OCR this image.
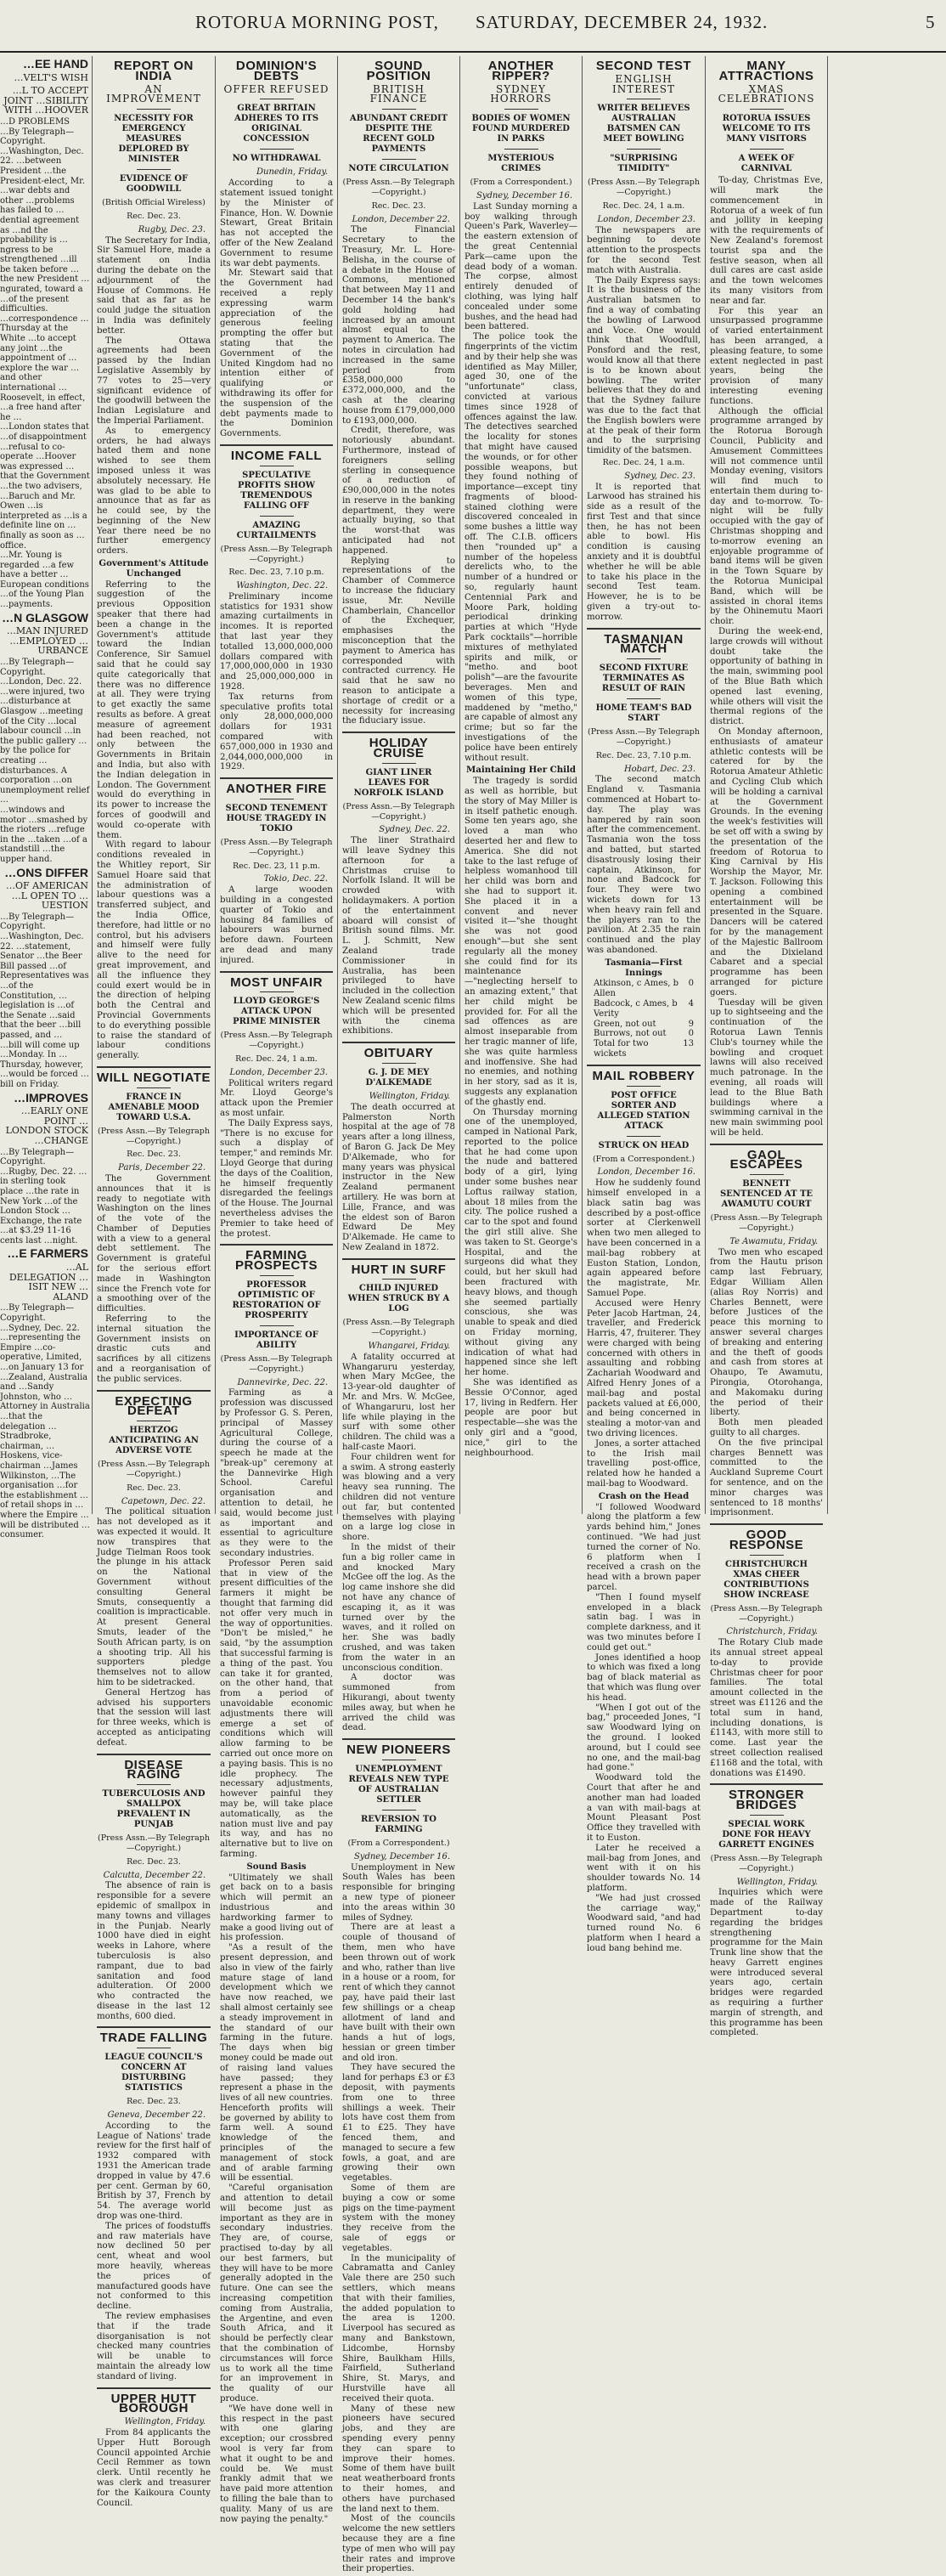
ROTORUA MORNING POST, SATURDAY, DECEMBER 24, 1932.	5
…EE HAND
…VELT'S WISH
…L TO ACCEPT JOINT …SIBILITY WITH …HOOVER

…D PROBLEMS

…By Telegraph—Copyright.

…Washington, Dec. 22. …between President …the President-elect, Mr. …war debts and other …problems has failed to …dential agreement as …nd the probability is …ngress to be strengthened …ill be taken before …the new President …ngurated, toward a …of the present difficulties.

…correspondence …Thursday at the White …to accept any joint …the appointment of …explore the war …and other international …Roosevelt, in effect, …a free hand after he …

…London states that …of disappointment …refusal to co-operate …Hoover was expressed …that the Government …the two advisers, …Baruch and Mr. Owen …is interpreted as …is a definite line on …finally as soon as …office.

…Mr. Young is regarded …a few have a better …European conditions …of the Young Plan …payments.

…N GLASGOW
…MAN INJURED …EMPLOYED …URBANCE

…By Telegraph—Copyright.

…London, Dec. 22. …were injured, two …disturbance at Glasgow …meeting of the City …local labour council …in the public gallery …by the police for creating …disturbances. A corporation …on unemployment relief …

…windows and motor …smashed by the rioters …refuge in the …taken …of a standstill …the upper hand.

…ONS DIFFER
…OF AMERICAN …L OPEN TO …UESTION

…By Telegraph—Copyright.

…Washington, Dec. 22. …statement, Senator …the Beer Bill passed …of Representatives was …of the Constitution, …legislation is …of the Senate …said that the beer …bill passed, and …

…bill will come up …Monday. In …Thursday, however, …would be forced …bill on Friday.

…IMPROVES
…EARLY ONE POINT …LONDON STOCK …CHANGE

…By Telegraph—Copyright.

…Rugby, Dec. 22. …in sterling took place …the rate in New York …of the London Stock …Exchange, the rate …at $3.29 11-16 cents last …night.

…E FARMERS
…AL DELEGATION …ISIT NEW …ALAND

…By Telegraph—Copyright.

…Sydney, Dec. 22. …representing the Empire …co-operative, Limited, …on January 13 for …Zealand, Australia and …Sandy Johnston, who …Attorney in Australia …that the delegation …Stradbroke, chairman, …Hoskens, vice-chairman …James Wilkinston, …The organisation …for the establishment …of retail shops in …where the Empire …will be distributed …consumer.

REPORT ON INDIA
AN IMPROVEMENT
NECESSITY FOR EMERGENCY MEASURES DEPLORED BY MINISTER
EVIDENCE OF GOODWILL
(British Official Wireless)
Rec. Dec. 23.
Rugby, Dec. 23.

The Secretary for India, Sir Samuel Hore, made a statement on India during the debate on the adjournment of the House of Commons. He said that as far as he could judge the situation in India was definitely better.

The Ottawa agreements had been passed by the Indian Legislative Assembly by 77 votes to 25—very significant evidence of the goodwill between the Indian Legislature and the Imperial Parliament.

As to emergency orders, he had always hated them and none wished to see them imposed unless it was absolutely necessary. He was glad to be able to announce that as far as he could see, by the beginning of the New Year there need be no further emergency orders.

Government's Attitude Unchanged

Referring to the suggestion of the previous Opposition speaker that there had been a change in the Government's attitude toward the Indian Conference, Sir Samuel said that he could say quite categorically that there was no difference at all. They were trying to get exactly the same results as before. A great measure of agreement had been reached, not only between the Governments in Britain and India, but also with the Indian delegation in London. The Government would do everything in its power to increase the forces of goodwill and would co-operate with them.

With regard to labour conditions revealed in the Whitley report, Sir Samuel Hoare said that the administration of labour questions was a transferred subject, and the India Office, therefore, had little or no control, but his advisers and himself were fully alive to the need for great improvement, and all the influence they could exert would be in the direction of helping both the Central and Provincial Governments to do everything possible to raise the standard of labour conditions generally.

WILL NEGOTIATE
FRANCE IN AMENABLE MOOD TOWARD U.S.A.
(Press Assn.—By Telegraph—Copyright.)
Rec. Dec. 23.
Paris, December 22.

The Government announces that it is ready to negotiate with Washington on the lines of the vote of the Chamber of Deputies with a view to a general debt settlement. The Government is grateful for the serious effort made in Washington since the French vote for a smoothing over of the difficulties.

Referring to the internal situation the Government insists on drastic cuts and sacrifices by all citizens and a reorganisation of the public services.

EXPECTING DEFEAT
HERTZOG ANTICIPATING AN ADVERSE VOTE
(Press Assn.—By Telegraph—Copyright.)
Rec. Dec. 23.
Capetown, Dec. 22.

The political situation has not developed as it was expected it would. It now transpires that Judge Tielman Roos took the plunge in his attack on the National Government without consulting General Smuts, consequently a coalition is impracticable. At present General Smuts, leader of the South African party, is on a shooting trip. All his supporters pledge themselves not to allow him to be sidetracked.

General Hertzog has advised his supporters that the session will last for three weeks, which is accepted as anticipating defeat.

DISEASE RAGING
TUBERCULOSIS AND SMALLPOX PREVALENT IN PUNJAB
(Press Assn.—By Telegraph—Copyright.)
Rec. Dec. 23.
Calcutta, December 22.

The absence of rain is responsible for a severe epidemic of smallpox in many towns and villages in the Punjab. Nearly 1000 have died in eight weeks in Lahore, where tuberculosis is also rampant, due to bad sanitation and food adulteration. Of 2000 who contracted the disease in the last 12 months, 600 died.

TRADE FALLING
LEAGUE COUNCIL'S CONCERN AT DISTURBING STATISTICS
Rec. Dec. 23.
Geneva, December 22.

According to the League of Nations' trade review for the first half of 1932 compared with 1931 the American trade dropped in value by 47.6 per cent. German by 60, British by 37, French by 54. The average world drop was one-third.

The prices of foodstuffs and raw materials have now declined 50 per cent, wheat and wool more heavily, whereas the prices of manufactured goods have not conformed to this decline.

The review emphasises that if the trade disorganisation is not checked many countries will be unable to maintain the already low standard of living.

UPPER HUTT BOROUGH
Wellington, Friday.

From 84 applicants the Upper Hutt Borough Council appointed Archie Cecil Remmer as town clerk. Until recently he was clerk and treasurer for the Kaikoura County Council.

DOMINION'S DEBTS
OFFER REFUSED
GREAT BRITAIN ADHERES TO ITS ORIGINAL CONCESSION
NO WITHDRAWAL
Dunedin, Friday.

According to a statement issued tonight by the Minister of Finance, Hon. W. Downie Stewart, Great Britain has not accepted the offer of the New Zealand Government to resume its war debt payments.

Mr. Stewart said that the Government had received a reply expressing warm appreciation of the generous feeling prompting the offer but stating that the Government of the United Kingdom had no intention either of qualifying or withdrawing its offer for the suspension of the debt payments made to the Dominion Governments.

INCOME FALL
SPECULATIVE PROFITS SHOW TREMENDOUS FALLING OFF
AMAZING CURTAILMENTS
(Press Assn.—By Telegraph—Copyright.)
Rec. Dec. 23, 7.10 p.m.
Washington, Dec. 22.

Preliminary income statistics for 1931 show amazing curtailments in incomes. It is reported that last year they totalled 13,000,000,000 dollars compared with 17,000,000,000 in 1930 and 25,000,000,000 in 1928.

Tax returns from speculative profits total only 28,000,000,000 dollars for 1931 compared with 657,000,000 in 1930 and 2,044,000,000,000 in 1929.

ANOTHER FIRE
SECOND TENEMENT HOUSE TRAGEDY IN TOKIO
(Press Assn.—By Telegraph—Copyright.)
Rec. Dec. 23, 11 p.m.
Tokio, Dec. 22.

A large wooden building in a congested quarter of Tokio and housing 84 families of labourers was burned before dawn. Fourteen are dead and many injured.

MOST UNFAIR
LLOYD GEORGE'S ATTACK UPON PRIME MINISTER
(Press Assn.—By Telegraph—Copyright.)
Rec. Dec. 24, 1 a.m.
London, December 23.

Political writers regard Mr. Lloyd George's attack upon the Premier as most unfair.

The Daily Express says, "There is no excuse for such a display of temper," and reminds Mr. Lloyd George that during the days of the Coalition, he himself frequently disregarded the feelings of the House. The Journal nevertheless advises the Premier to take heed of the protest.

FARMING PROSPECTS
PROFESSOR OPTIMISTIC OF RESTORATION OF PROSPERITY
IMPORTANCE OF ABILITY
(Press Assn.—By Telegraph—Copyright.)
Dannevirke, Dec. 22.

Farming as a profession was discussed by Professor G. S. Peren, principal of Massey Agricultural College, during the course of a speech he made at the "break-up" ceremony at the Dannevirke High School. Careful organisation and attention to detail, he said, would become just as important and essential to agriculture as they were to the secondary industries.

Professor Peren said that in view of the present difficulties of the farmers it might be thought that farming did not offer very much in the way of opportunities. "Don't be misled," he said, "by the assumption that successful farming is a thing of the past. You can take it for granted, on the other hand, that from a period of unavoidable economic adjustments there will emerge a set of conditions which will allow farming to be carried out once more on a paying basis. This is no idle prophecy. The necessary adjustments, however painful they may be, will take place automatically, as the nation must live and pay its way, and has no alternative but to live on farming.

Sound Basis

"Ultimately we shall get back on to a basis which will permit an industrious and hardworking farmer to make a good living out of his profession.

"As a result of the present depression, and also in view of the fairly mature stage of land development which we have now reached, we shall almost certainly see a steady improvement in the standard of our farming in the future. The days when big money could be made out of raising land values have passed; they represent a phase in the lives of all new countries. Henceforth profits will be governed by ability to farm well. A sound knowledge of the principles of the management of stock and of arable farming will be essential.

"Careful organisation and attention to detail will become just as important as they are in secondary industries. They are, of course, practised to-day by all our best farmers, but they will have to be more generally adopted in the future. One can see the increasing competition coming from Australia, the Argentine, and even South Africa, and it should be perfectly clear that the combination of circumstances will force us to work all the time for an improvement in the quality of our produce.

"We have done well in this respect in the past with one glaring exception; our crossbred wool is very far from what it ought to be and could be. We must frankly admit that we have paid more attention to filling the bale than to quality. Many of us are now paying the penalty."

SOUND POSITION
BRITISH FINANCE
ABUNDANT CREDIT DESPITE THE RECENT GOLD PAYMENTS
NOTE CIRCULATION
(Press Assn.—By Telegraph—Copyright.)
Rec. Dec. 23.
London, December 22.

The Financial Secretary to the Treasury, Mr. L. Hore-Belisha, in the course of a debate in the House of Commons, mentioned that between May 11 and December 14 the bank's gold holding had increased by an amount almost equal to the payment to America. The notes in circulation had increased in the same period from £358,000,000 to £372,000,000, and the cash at the clearing house from £179,000,000 to £193,000,000.

Credit, therefore, was notoriously abundant. Furthermore, instead of foreigners selling sterling in consequence of a reduction of £90,000,000 in the notes in reserve in the banking department, they were actually buying, so that the worst-that was anticipated had not happened.

Replying to representations of the Chamber of Commerce to increase the fiduciary issue, Mr. Neville Chamberlain, Chancellor of the Exchequer, emphasises the misconception that the payment to America has corresponded with contracted currency. He said that he saw no reason to anticipate a shortage of credit or a necessity for increasing the fiduciary issue.

HOLIDAY CRUISE
GIANT LINER LEAVES FOR NORFOLK ISLAND
(Press Assn.—By Telegraph—Copyright.)
Sydney, Dec. 22.

The liner Strathaird will leave Sydney this afternoon for a Christmas cruise to Norfolk Island. It will be crowded with holidaymakers. A portion of the entertainment aboard will consist of British sound films. Mr. L. J. Schmitt, New Zealand trade Commissioner in Australia, has been privileged to have included in the collection New Zealand scenic films which will be presented with the cinema exhibitions.

OBITUARY
G. J. DE MEY D'ALKEMADE
Wellington, Friday.

The death occurred at Palmerston North hospital at the age of 78 years after a long illness, of Baron G. Jack De Mey D'Alkemade, who for many years was physical instructor in the New Zealand permanent artillery. He was born at Lille, France, and was the eldest son of Baron Edward De Mey D'Alkemade. He came to New Zealand in 1872.

HURT IN SURF
CHILD INJURED WHEN STRUCK BY A LOG
(Press Assn.—By Telegraph—Copyright.)
Whangarei, Friday.

A fatality occurred at Whangaruru yesterday, when Mary McGee, the 13-year-old daughter of Mr. and Mrs. W. McGee, of Whangaruru, lost her life while playing in the surf with some other children. The child was a half-caste Maori.

Four children went for a swim. A strong easterly was blowing and a very heavy sea running. The children did not venture out far, but contented themselves with playing on a large log close in shore.

In the midst of their fun a big roller came in and knocked Mary McGee off the log. As the log came inshore she did not have any chance of escaping it, as it was turned over by the waves, and it rolled on her. She was badly crushed, and was taken from the water in an unconscious condition.

A doctor was summoned from Hikurangi, about twenty miles away, but when he arrived the child was dead.

NEW PIONEERS
UNEMPLOYMENT REVEALS NEW TYPE OF AUSTRALIAN SETTLER
REVERSION TO FARMING
(From a Correspondent.)
Sydney, December 16.

Unemployment in New South Wales has been responsible for bringing a new type of pioneer into the areas within 30 miles of Sydney.

There are at least a couple of thousand of them, men who have been thrown out of work and who, rather than live in a house or a room, for rent of which they cannot pay, have paid their last few shillings or a cheap allotment of land and have built with their own hands a hut of logs, hessian or green timber and old iron.

They have secured the land for perhaps £3 or £3 deposit, with payments from one to three shillings a week. Their lots have cost them from £1 to £25. They have fenced them, and managed to secure a few fowls, a goat, and are growing their own vegetables.

Some of them are buying a cow or some pigs on the time-payment system with the money they receive from the sale of eggs or vegetables.

In the municipality of Cabramatta and Canley Vale there are 250 such settlers, which means that with their families, the added population to the area is 1200. Liverpool has secured as many and Bankstown, Lidcombe, Hornsby Shire, Baulkham Hills, Fairfield, Sutherland Shire, St. Marys, and Hurstville have all received their quota.

Many of these new pioneers have secured jobs, and they are spending every penny they can spare to improve their homes. Some of them have built neat weatherboard fronts to their homes, and others have purchased the land next to them.

Most of the councils welcome the new settlers because they are a fine type of men who will pay their rates and improve their properties.

ANOTHER RIPPER?
SYDNEY HORRORS
BODIES OF WOMEN FOUND MURDERED IN PARKS
MYSTERIOUS CRIMES
(From a Correspondent.)
Sydney, December 16.

Last Sunday morning a boy walking through Queen's Park, Waverley—the eastern extension of the great Centennial Park—came upon the dead body of a woman. The corpse, almost entirely denuded of clothing, was lying half concealed under some bushes, and the head had been battered.

The police took the fingerprints of the victim and by their help she was identified as May Miller, aged 30, one of the "unfortunate" class, convicted at various times since 1928 of offences against the law. The detectives searched the locality for stones that might have caused the wounds, or for other possible weapons, but they found nothing of importance—except tiny fragments of blood-stained clothing were discovered concealed in some bushes a little way off. The C.I.B. officers then "rounded up" a number of the hopeless derelicts who, to the number of a hundred or so, regularly haunt Centennial Park and Moore Park, holding periodical drinking parties at which "Hyde Park cocktails"—horrible mixtures of methylated spirits and milk, or "metho. and boot polish"—are the favourite beverages. Men and women of this type, maddened by "metho," are capable of almost any crime; but so far the investigations of the police have been entirely without result.

Maintaining Her Child

The tragedy is sordid as well as horrible, but the story of May Miller is in itself pathetic enough. Some ten years ago, she loved a man who deserted her and flew to America. She did not take to the last refuge of helpless womanhood till her child was born and she had to support it. She placed it in a convent and never visited it—"she thought she was not good enough"—but she sent regularly all the money she could find for its maintenance—"neglecting herself to an amazing extent," that her child might be provided for. For all the sad offences as are almost inseparable from her tragic manner of life, she was quite harmless and inoffensive. She had no enemies, and nothing in her story, sad as it is, suggests any explanation of the ghastly end.

On Thursday morning one of the unemployed, camped in National Park, reported to the police that he had come upon the nude and battered body of a girl, lying under some bushes near Loftus railway station, about 18 miles from the city. The police rushed a car to the spot and found the girl still alive. She was taken to St. George's Hospital, and the surgeons did what they could, but her skull had been fractured with heavy blows, and though she seemed partially conscious, she was unable to speak and died on Friday morning, without giving any indication of what had happened since she left her home.

She was identified as Bessie O'Connor, aged 17, living in Redfern. Her people are poor but respectable—she was the only girl and a "good, nice," girl to the neighbourhood.

SECOND TEST
ENGLISH INTEREST
WRITER BELIEVES AUSTRALIAN BATSMEN CAN MEET BOWLING
"SURPRISING TIMIDITY"
(Press Assn.—By Telegraph—Copyright.)
Rec. Dec. 24, 1 a.m.
London, December 23.

The newspapers are beginning to devote attention to the prospects for the second Test match with Australia.

The Daily Express says: It is the business of the Australian batsmen to find a way of combating the bowling of Larwood and Voce. One would think that Woodfull, Ponsford and the rest, would know all that there is to be known about bowling. The writer believes that they do and that the Sydney failure was due to the fact that the English bowlers were at the peak of their form and to the surprising timidity of the batsmen.

Rec. Dec. 24, 1 a.m.
Sydney, Dec. 23.

It is reported that Larwood has strained his side as a result of the first Test and that since then, he has not been able to bowl. His condition is causing anxiety and it is doubtful whether he will be able to take his place in the second Test team. However, he is to be given a try-out to-morrow.

TASMANIAN MATCH
SECOND FIXTURE TERMINATES AS RESULT OF RAIN
HOME TEAM'S BAD START
(Press Assn.—By Telegraph—Copyright.)
Rec. Dec. 23, 7.10 p.m.
Hobart, Dec. 23.

The second match England v. Tasmania commenced at Hobart to-day. The play was hampered by rain soon after the commencement. Tasmania won the toss and batted, but started disastrously losing their captain, Atkinson, for none and Badcock for four. They were two wickets down for 13 when heavy rain fell and the players ran to the pavilion. At 2.35 the rain continued and the play was abandoned.

Tasmania—First Innings
Atkinson, c Ames, b Allen
0
Badcock, c Ames, b Verity
4
Green, not out	9
Burrows, not out	0
Total for two wickets
13
MAIL ROBBERY
POST OFFICE SORTER AND ALLEGED STATION ATTACK
STRUCK ON HEAD
(From a Correspondent.)
London, December 16.

How he suddenly found himself enveloped in a black satin bag was described by a post-office sorter at Clerkenwell when two men alleged to have been concerned in a mail-bag robbery at Euston Station, London, again appeared before the magistrate, Mr. Samuel Pope.

Accused were Henry Peter Jacob Hartman, 24, traveller, and Frederick Harris, 47, fruiterer. They were charged with being concerned with others in assaulting and robbing Zachariah Woodward and Alfred Henry Jones of a mail-bag and postal packets valued at £6,000, and being concerned in stealing a motor-van and two driving licences.

Jones, a sorter attached to the Irish mail travelling post-office, related how he handed a mail-bag to Woodward.

Crash on the Head

"I followed Woodward along the platform a few yards behind him," Jones continued. "We had just turned the corner of No. 6 platform when I received a crash on the head with a brown paper parcel.

"Then I found myself enveloped in a black satin bag. I was in complete darkness, and it was two minutes before I could get out."

Jones identified a hoop to which was fixed a long bag of black material as that which was flung over his head.

"When I got out of the bag," proceeded Jones, "I saw Woodward lying on the ground. I looked around, but I could see no one, and the mail-bag had gone."

Woodward told the Court that after he and another man had loaded a van with mail-bags at Mount Pleasant Post Office they travelled with it to Euston.

Later he received a mail-bag from Jones, and went with it on his shoulder towards No. 14 platform.

"We had just crossed the carriage way," Woodward said, "and had turned round No. 6 platform when I heard a loud bang behind me.

MANY ATTRACTIONS
XMAS CELEBRATIONS
ROTORUA ISSUES WELCOME TO ITS MANY VISITORS
A WEEK OF CARNIVAL

To-day, Christmas Eve, will mark the commencement in Rotorua of a week of fun and jollity in keeping with the requirements of New Zealand's foremost tourist spa and the festive season, when all dull cares are cast aside and the town welcomes its many visitors from near and far.

For this year an unsurpassed programme of varied entertainment has been arranged, a pleasing feature, to some extent neglected in past years, being the provision of many interesting evening functions.

Although the official programme arranged by the Rotorua Borough Council, Publicity and Amusement Committees will not commence until Monday evening, visitors will find much to entertain them during to-day and to-morrow. To-night will be fully occupied with the gay of Christmas shopping and to-morrow evening an enjoyable programme of band items will be given in the Town Square by the Rotorua Municipal Band, which will be assisted in choral items by the Ohinemutu Maori choir.

During the week-end, large crowds will without doubt take the opportunity of bathing in the main, swimming pool of the Blue Bath which opened last evening, while others will visit the thermal regions of the district.

On Monday afternoon, enthusiasts of amateur athletic contests will be catered for by the Rotorua Amateur Athletic and Cycling Club which will be holding a carnival at the Government Grounds. In the evening the week's festivities will be set off with a swing by the presentation of the freedom of Rotorua to King Carnival by His Worship the Mayor, Mr. T. Jackson. Following this opening a combined entertainment will be presented in the Square. Dancers will be catered for by the management of the Majestic Ballroom and the Dixieland Cabaret and a special programme has been arranged for picture goers.

Tuesday will be given up to sightseeing and the continuation of the Rotorua Lawn Tennis Club's tourney while the bowling and croquet lawns will also received much patronage. In the evening, all roads will lead to the Blue Bath buildings where a swimming carnival in the new main swimming pool will be held.

GAOL ESCAPEES
BENNETT SENTENCED AT TE AWAMUTU COURT
(Press Assn.—By Telegraph—Copyright.)
Te Awamutu, Friday.

Two men who escaped from the Hautu prison camp last February, Edgar William Allen (alias Roy Norris) and Charles Bennett, were before Justices of the peace this morning to answer several charges of breaking and entering and the theft of goods and cash from stores at Ohaupo, Te Awamutu, Pirongia, Otorohanga, and Makomaku during the period of their liberty.

Both men pleaded guilty to all charges.

On the five principal charges Bennett was committed to the Auckland Supreme Court for sentence, and on the minor charges was sentenced to 18 months' imprisonment.

GOOD RESPONSE
CHRISTCHURCH XMAS CHEER CONTRIBUTIONS SHOW INCREASE
(Press Assn.—By Telegraph—Copyright.)
Christchurch, Friday.

The Rotary Club made its annual street appeal to-day to provide Christmas cheer for poor families. The total amount collected in the street was £1126 and the total sum in hand, including donations, is £1143, with more still to come. Last year the street collection realised £1168 and the total, with donations was £1490.

STRONGER BRIDGES
SPECIAL WORK DONE FOR HEAVY GARRETT ENGINES
(Press Assn.—By Telegraph—Copyright.)
Wellington, Friday.

Inquiries which were made of the Railway Department to-day regarding the bridges strengthening programme for the Main Trunk line show that the heavy Garrett engines were introduced several years ago, certain bridges were regarded as requiring a further margin of strength, and this programme has been completed.
